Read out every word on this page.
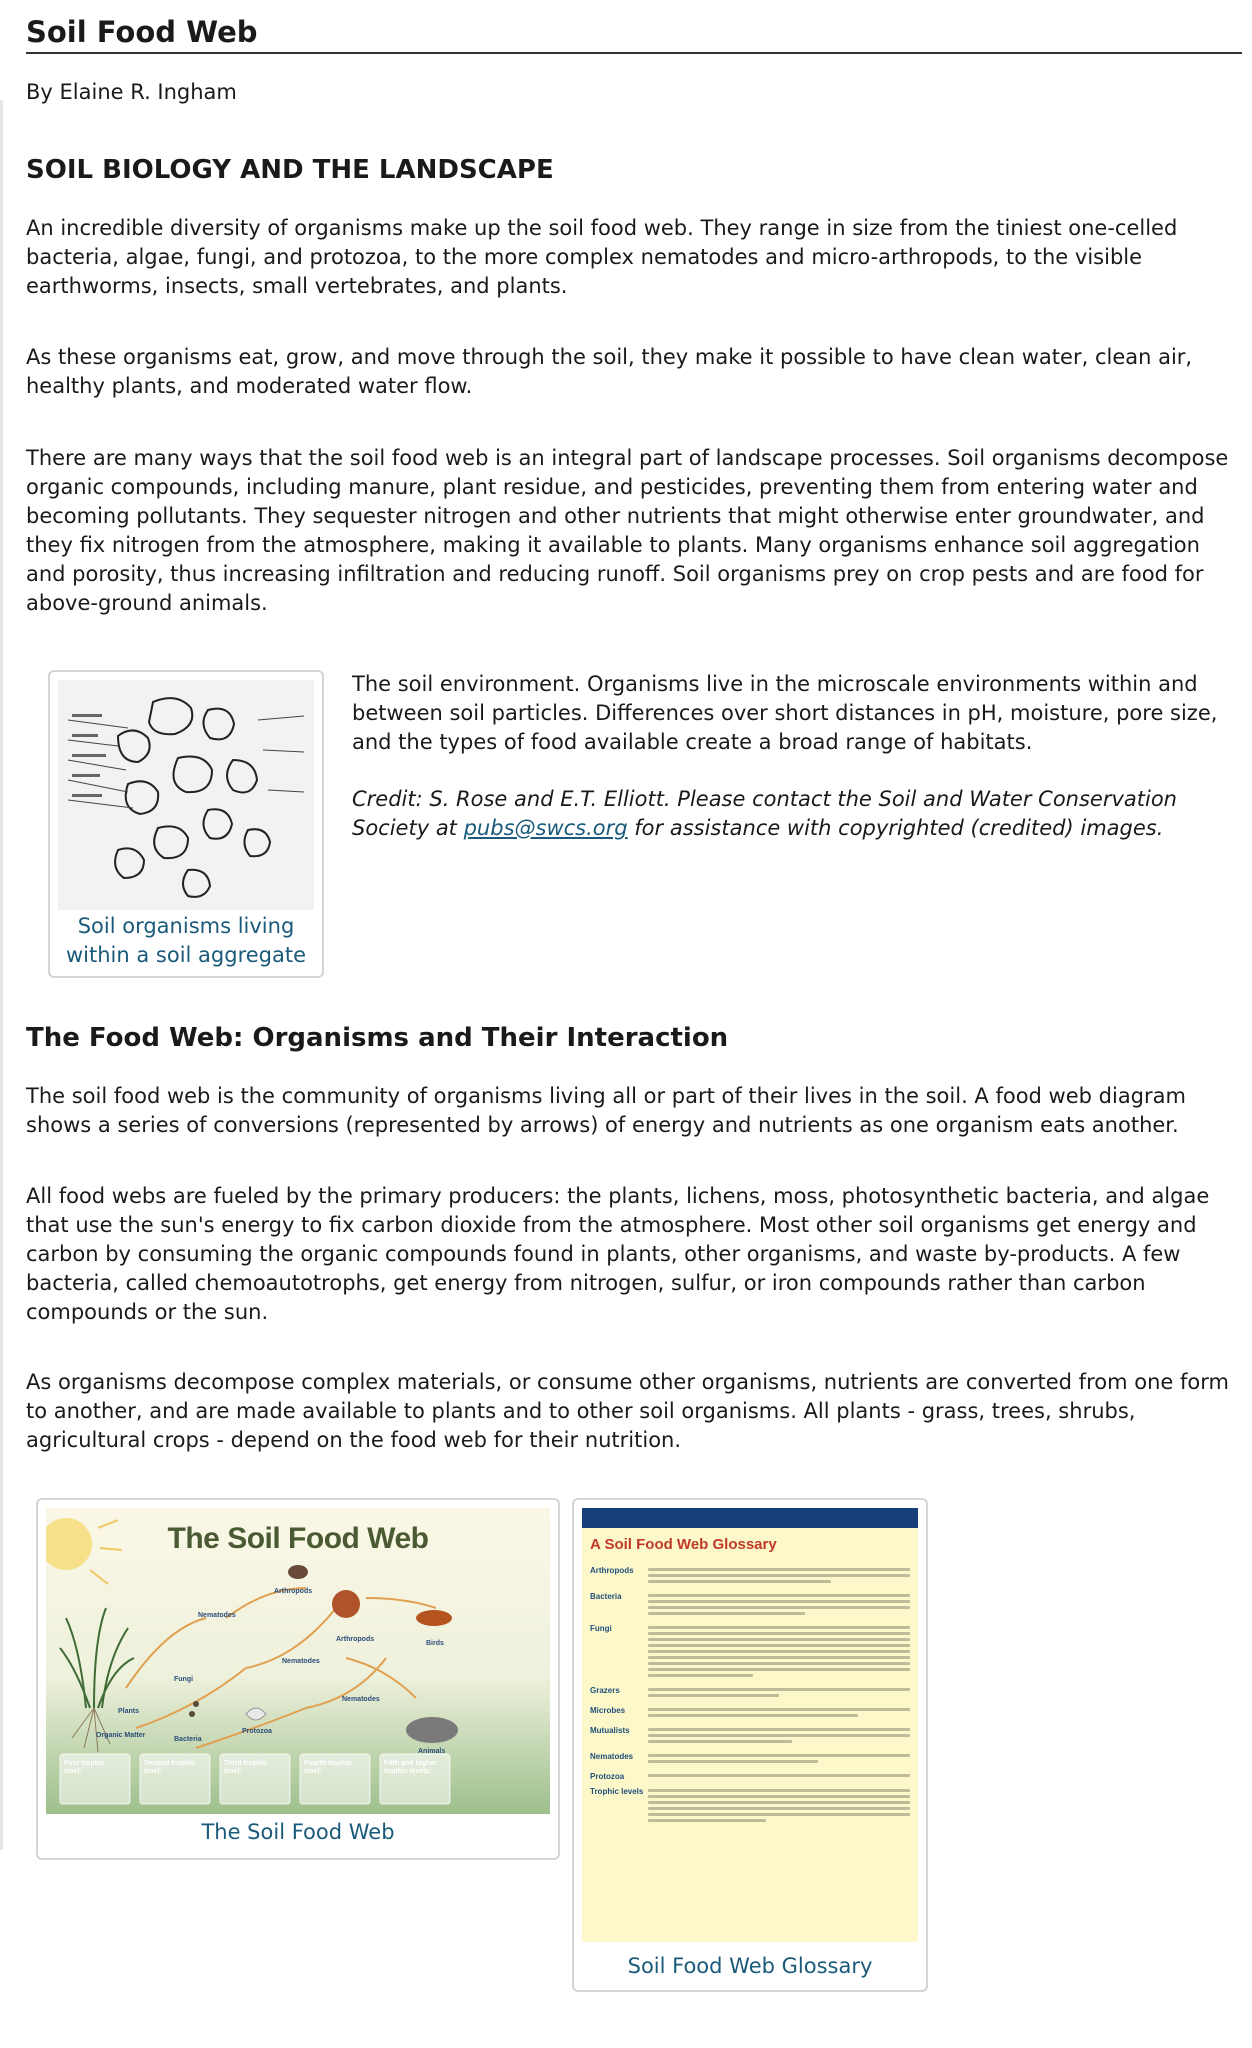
Soil Food Web
By Elaine R. Ingham
SOIL BIOLOGY AND THE LANDSCAPE

An incredible diversity of organisms make up the soil food web. They range in size from the tiniest one-celled bacteria, algae, fungi, and protozoa, to the more complex nematodes and micro-arthropods, to the visible earthworms, insects, small vertebrates, and plants.

As these organisms eat, grow, and move through the soil, they make it possible to have clean water, clean air, healthy plants, and moderated water flow.

There are many ways that the soil food web is an integral part of landscape processes. Soil organisms decompose organic compounds, including manure, plant residue, and pesticides, preventing them from entering water and becoming pollutants. They sequester nitrogen and other nutrients that might otherwise enter groundwater, and they fix nitrogen from the atmosphere, making it available to plants. Many organisms enhance soil aggregation and porosity, thus increasing infiltration and reducing runoff. Soil organisms prey on crop pests and are food for above-ground animals.

Soil organisms living within a soil aggregate

The soil environment. Organisms live in the microscale environments within and between soil particles. Differences over short distances in pH, moisture, pore size, and the types of food available create a broad range of habitats.

Credit: S. Rose and E.T. Elliott. Please contact the Soil and Water Conservation Society at pubs@swcs.org for assistance with copyrighted (credited) images.

The Food Web: Organisms and Their Interaction

The soil food web is the community of organisms living all or part of their lives in the soil. A food web diagram shows a series of conversions (represented by arrows) of energy and nutrients as one organism eats another.

All food webs are fueled by the primary producers: the plants, lichens, moss, photosynthetic bacteria, and algae that use the sun's energy to fix carbon dioxide from the atmosphere. Most other soil organisms get energy and carbon by consuming the organic compounds found in plants, other organisms, and waste by-products. A few bacteria, called chemoautotrophs, get energy from nitrogen, sulfur, or iron compounds rather than carbon compounds or the sun.

As organisms decompose complex materials, or consume other organisms, nutrients are converted from one form to another, and are made available to plants and to other soil organisms. All plants - grass, trees, shrubs, agricultural crops - depend on the food web for their nutrition.

The Soil Food Web
Nematodes
Arthropods
Arthropods
Nematodes
Nematodes
Birds
Fungi
Plants
Organic Matter
Bacteria
Protozoa
Animals
First trophic level:
Second trophic level:
Third trophic level:
Fourth trophic level:
Fifth and higher trophic levels:
The Soil Food Web
A Soil Food Web Glossary
Arthropods
Bacteria
Fungi
Grazers
Microbes
Mutualists
Nematodes
Protozoa
Trophic levels
Soil Food Web Glossary
